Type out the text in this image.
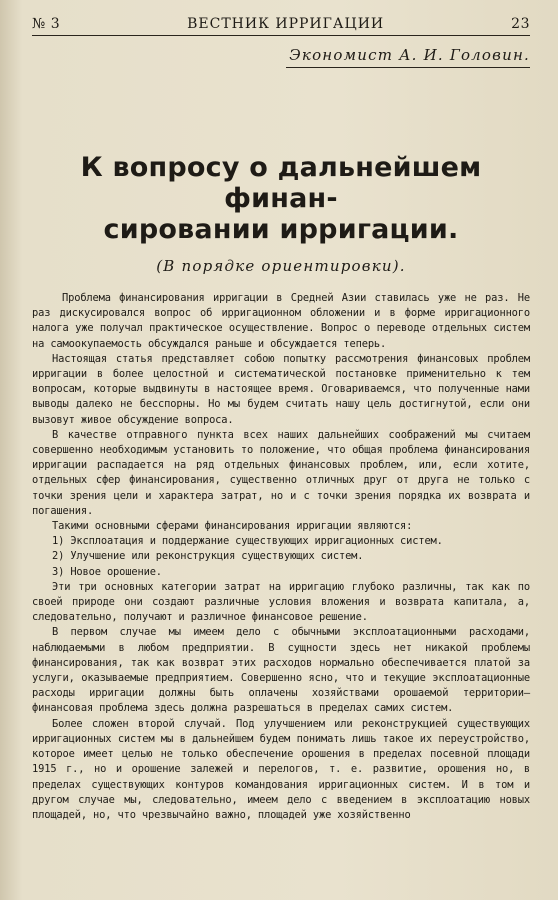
№ 3	ВЕСТНИК ИРРИГАЦИИ	23
Экономист А. И. Головин.
К вопросу о дальнейшем финан-
сировании ирригации.
(В порядке ориентировки).

Проблема финансирования ирригации в Средней Азии ставилась уже не раз. Не раз дискусировался вопрос об ирригационном обложении и в форме ирригационного налога уже получал практическое осуществление. Вопрос о переводе отдельных систем на самоокупаемость обсуждался раньше и обсуждается теперь.

Настоящая статья представляет собою попытку рассмотрения финансовых проблем ирригации в более целостной и систематической постановке применительно к тем вопросам, которые выдвинуты в настоящее время. Оговариваемся, что полученные нами выводы далеко не бесспорны. Но мы будем считать нашу цель достигнутой, если они вызовут живое обсуждение вопроса.

В качестве отправного пункта всех наших дальнейших соображений мы считаем совершенно необходимым установить то положение, что общая проблема финансирования ирригации распадается на ряд отдельных финансовых проблем, или, если хотите, отдельных сфер финансирования, существенно отличных друг от друга не только с точки зрения цели и характера затрат, но и с точки зрения порядка их возврата и погашения.

Такими основными сферами финансирования ирригации являются:

1) Эксплоатация и поддержание существующих ирригационных систем.

2) Улучшение или реконструкция существующих систем.

3) Новое орошение.

Эти три основных категории затрат на ирригацию глубоко различны, так как по своей природе они создают различные условия вложения и возврата капитала, а, следовательно, получают и различное финансовое решение.

В первом случае мы имеем дело с обычными эксплоатационными расходами, наблюдаемыми в любом предприятии. В сущности здесь нет никакой проблемы финансирования, так как возврат этих расходов нормально обеспечивается платой за услуги, оказываемые предприятием. Совершенно ясно, что и текущие эксплоатационные расходы ирригации должны быть оплачены хозяйствами орошаемой территории—финансовая проблема здесь должна разрешаться в пределах самих систем.

Более сложен второй случай. Под улучшением или реконструкцией существующих ирригационных систем мы в дальнейшем будем понимать лишь такое их переустройство, которое имеет целью не только обеспечение орошения в пределах посевной площади 1915 г., но и орошение залежей и перелогов, т. е. развитие, орошения но, в пределах существующих контуров командования ирригационных систем. И в том и другом случае мы, следовательно, имеем дело с введением в эксплоатацию новых площадей, но, что чрезвычайно важно, площадей уже хозяйственно
